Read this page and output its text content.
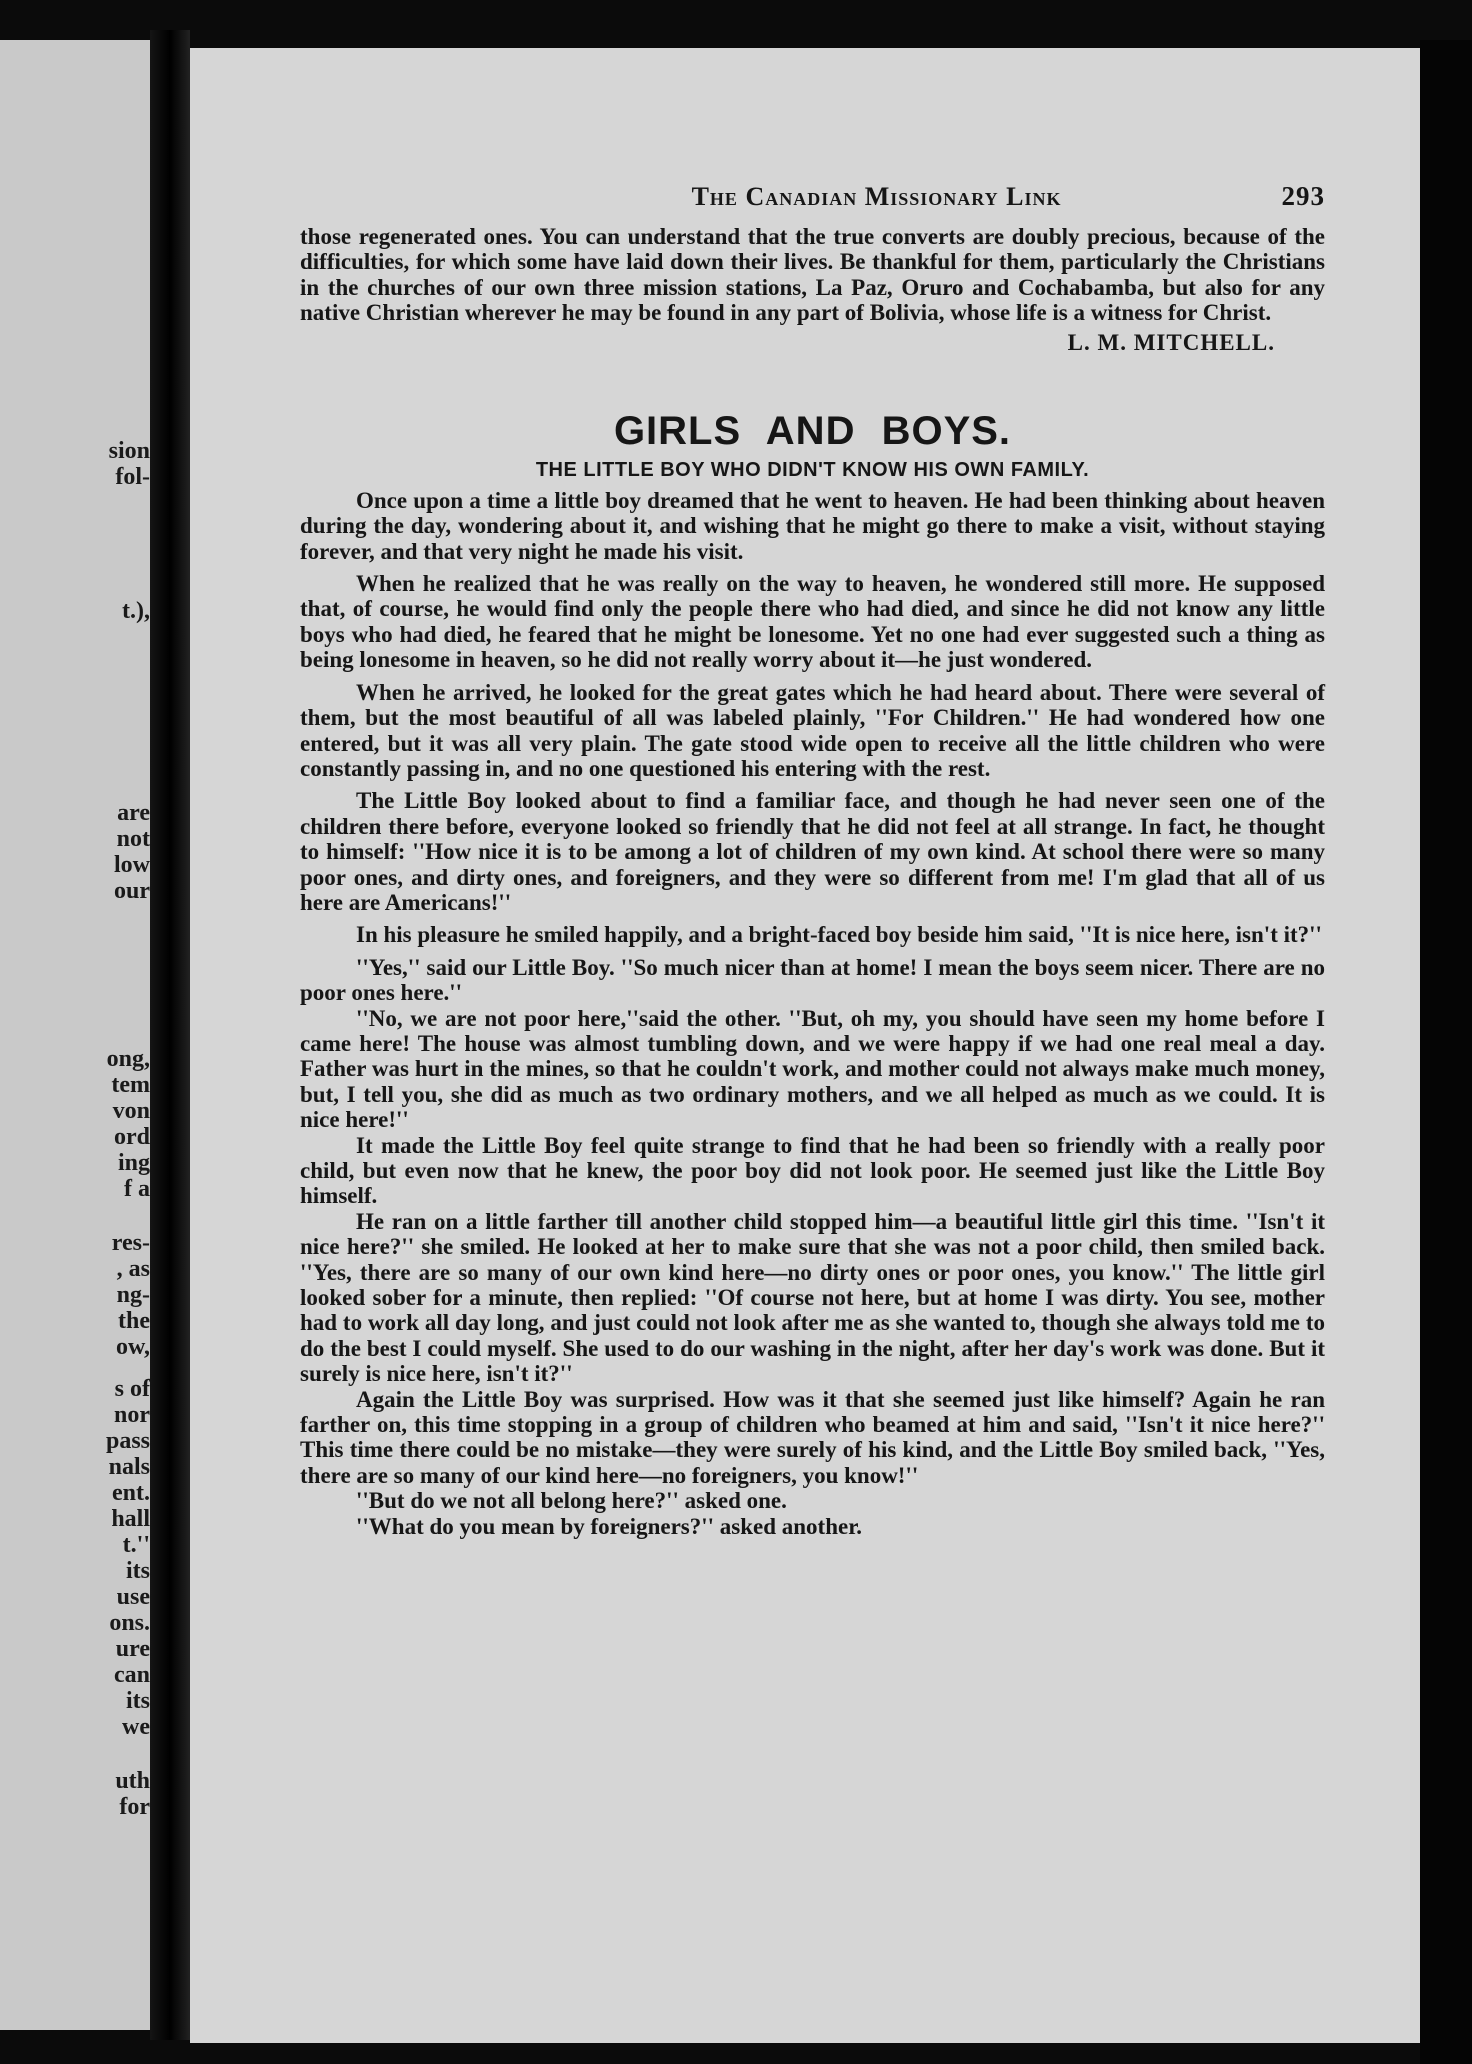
sion
fol-
t.),
are
not
low
our
ong,
tem
von
ord
ing
f a
res-
, as
ng-
the
ow,
s of
nor
pass
nals
ent.
hall
t.''
its
use
ons.
ure
can
its
we
uth
for
The Canadian Missionary Link	293

those regenerated ones. You can understand that the true converts are doubly precious, because of the difficulties, for which some have laid down their lives. Be thankful for them, particularly the Christians in the churches of our own three mission stations, La Paz, Oruro and Cochabamba, but also for any native Christian wherever he may be found in any part of Bolivia, whose life is a witness for Christ.

L. M. MITCHELL.
GIRLS AND BOYS.
THE LITTLE BOY WHO DIDN'T KNOW HIS OWN FAMILY.

Once upon a time a little boy dreamed that he went to heaven. He had been thinking about heaven during the day, wondering about it, and wishing that he might go there to make a visit, without staying forever, and that very night he made his visit.

When he realized that he was really on the way to heaven, he wondered still more. He supposed that, of course, he would find only the people there who had died, and since he did not know any little boys who had died, he feared that he might be lonesome. Yet no one had ever suggested such a thing as being lonesome in heaven, so he did not really worry about it—he just wondered.

When he arrived, he looked for the great gates which he had heard about. There were several of them, but the most beautiful of all was labeled plainly, ''For Children.'' He had wondered how one entered, but it was all very plain. The gate stood wide open to receive all the little children who were constantly passing in, and no one questioned his entering with the rest.

The Little Boy looked about to find a familiar face, and though he had never seen one of the children there before, everyone looked so friendly that he did not feel at all strange. In fact, he thought to himself: ''How nice it is to be among a lot of children of my own kind. At school there were so many poor ones, and dirty ones, and foreigners, and they were so different from me! I'm glad that all of us here are Americans!''

In his pleasure he smiled happily, and a bright-faced boy beside him said, ''It is nice here, isn't it?''

''Yes,'' said our Little Boy. ''So much nicer than at home! I mean the boys seem nicer. There are no poor ones here.''

''No, we are not poor here,''said the other. ''But, oh my, you should have seen my home before I came here! The house was almost tumbling down, and we were happy if we had one real meal a day. Father was hurt in the mines, so that he couldn't work, and mother could not always make much money, but, I tell you, she did as much as two ordinary mothers, and we all helped as much as we could. It is nice here!''

It made the Little Boy feel quite strange to find that he had been so friendly with a really poor child, but even now that he knew, the poor boy did not look poor. He seemed just like the Little Boy himself.

He ran on a little farther till another child stopped him—a beautiful little girl this time. ''Isn't it nice here?'' she smiled. He looked at her to make sure that she was not a poor child, then smiled back. ''Yes, there are so many of our own kind here—no dirty ones or poor ones, you know.'' The little girl looked sober for a minute, then replied: ''Of course not here, but at home I was dirty. You see, mother had to work all day long, and just could not look after me as she wanted to, though she always told me to do the best I could myself. She used to do our washing in the night, after her day's work was done. But it surely is nice here, isn't it?''

Again the Little Boy was surprised. How was it that she seemed just like himself? Again he ran farther on, this time stopping in a group of children who beamed at him and said, ''Isn't it nice here?'' This time there could be no mistake—they were surely of his kind, and the Little Boy smiled back, ''Yes, there are so many of our kind here—no foreigners, you know!''

''But do we not all belong here?'' asked one.

''What do you mean by foreigners?'' asked another.
